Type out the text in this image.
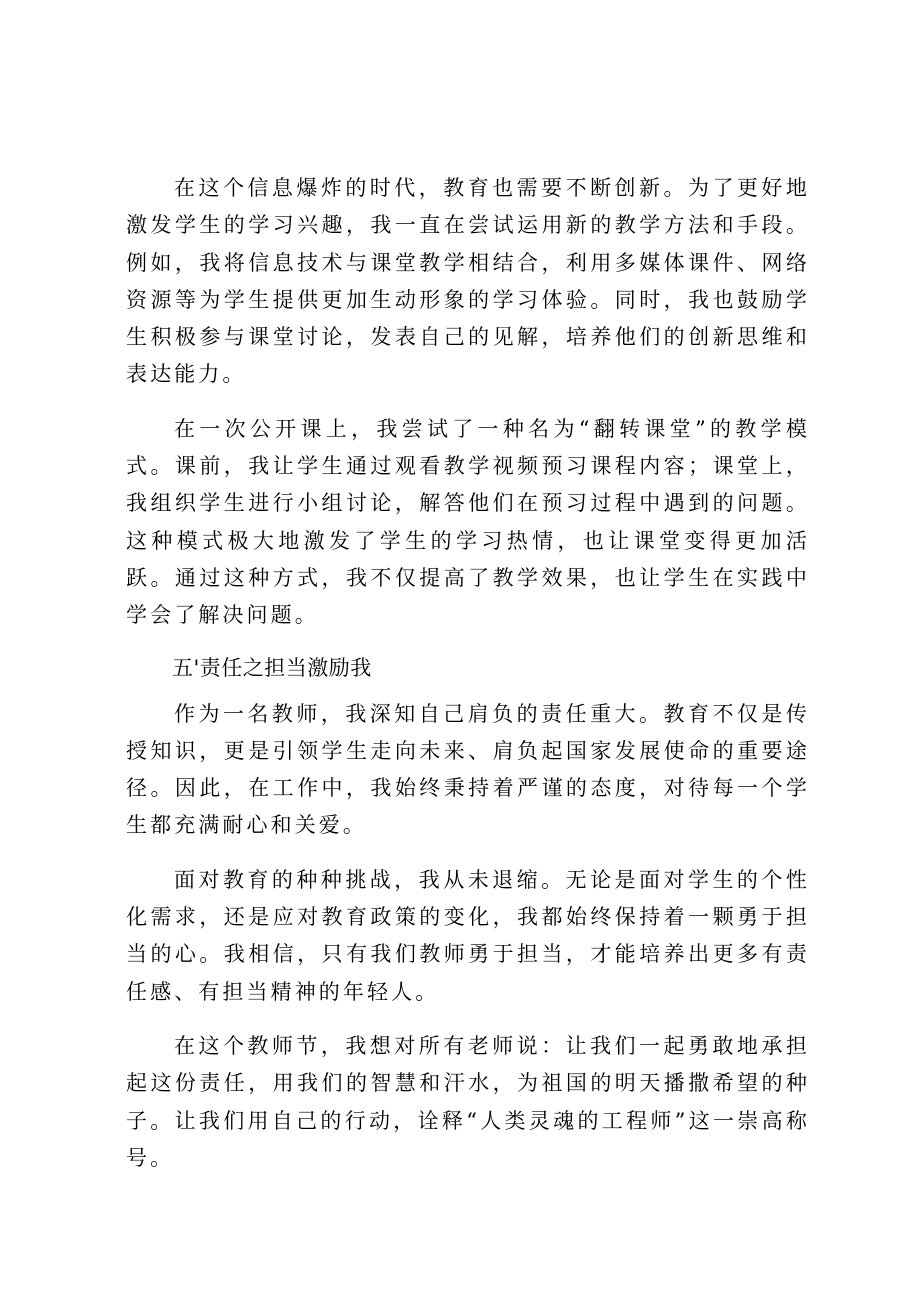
在这个信息爆炸的时代，教育也需要不断创新。为了更好地激发学生的学习兴趣，我一直在尝试运用新的教学方法和手段。例如，我将信息技术与课堂教学相结合，利用多媒体课件、网络资源等为学生提供更加生动形象的学习体验。同时，我也鼓励学生积极参与课堂讨论，发表自己的见解，培养他们的创新思维和表达能力。

在一次公开课上，我尝试了一种名为“翻转课堂”的教学模式。课前，我让学生通过观看教学视频预习课程内容；课堂上，我组织学生进行小组讨论，解答他们在预习过程中遇到的问题。这种模式极大地激发了学生的学习热情，也让课堂变得更加活跃。通过这种方式，我不仅提高了教学效果，也让学生在实践中学会了解决问题。

五'责任之担当激励我

作为一名教师，我深知自己肩负的责任重大。教育不仅是传授知识，更是引领学生走向未来、肩负起国家发展使命的重要途径。因此，在工作中，我始终秉持着严谨的态度，对待每一个学生都充满耐心和关爱。

面对教育的种种挑战，我从未退缩。无论是面对学生的个性化需求，还是应对教育政策的变化，我都始终保持着一颗勇于担当的心。我相信，只有我们教师勇于担当，才能培养出更多有责任感、有担当精神的年轻人。

在这个教师节，我想对所有老师说：让我们一起勇敢地承担起这份责任，用我们的智慧和汗水，为祖国的明天播撒希望的种子。让我们用自己的行动，诠释“人类灵魂的工程师”这一崇高称号。
